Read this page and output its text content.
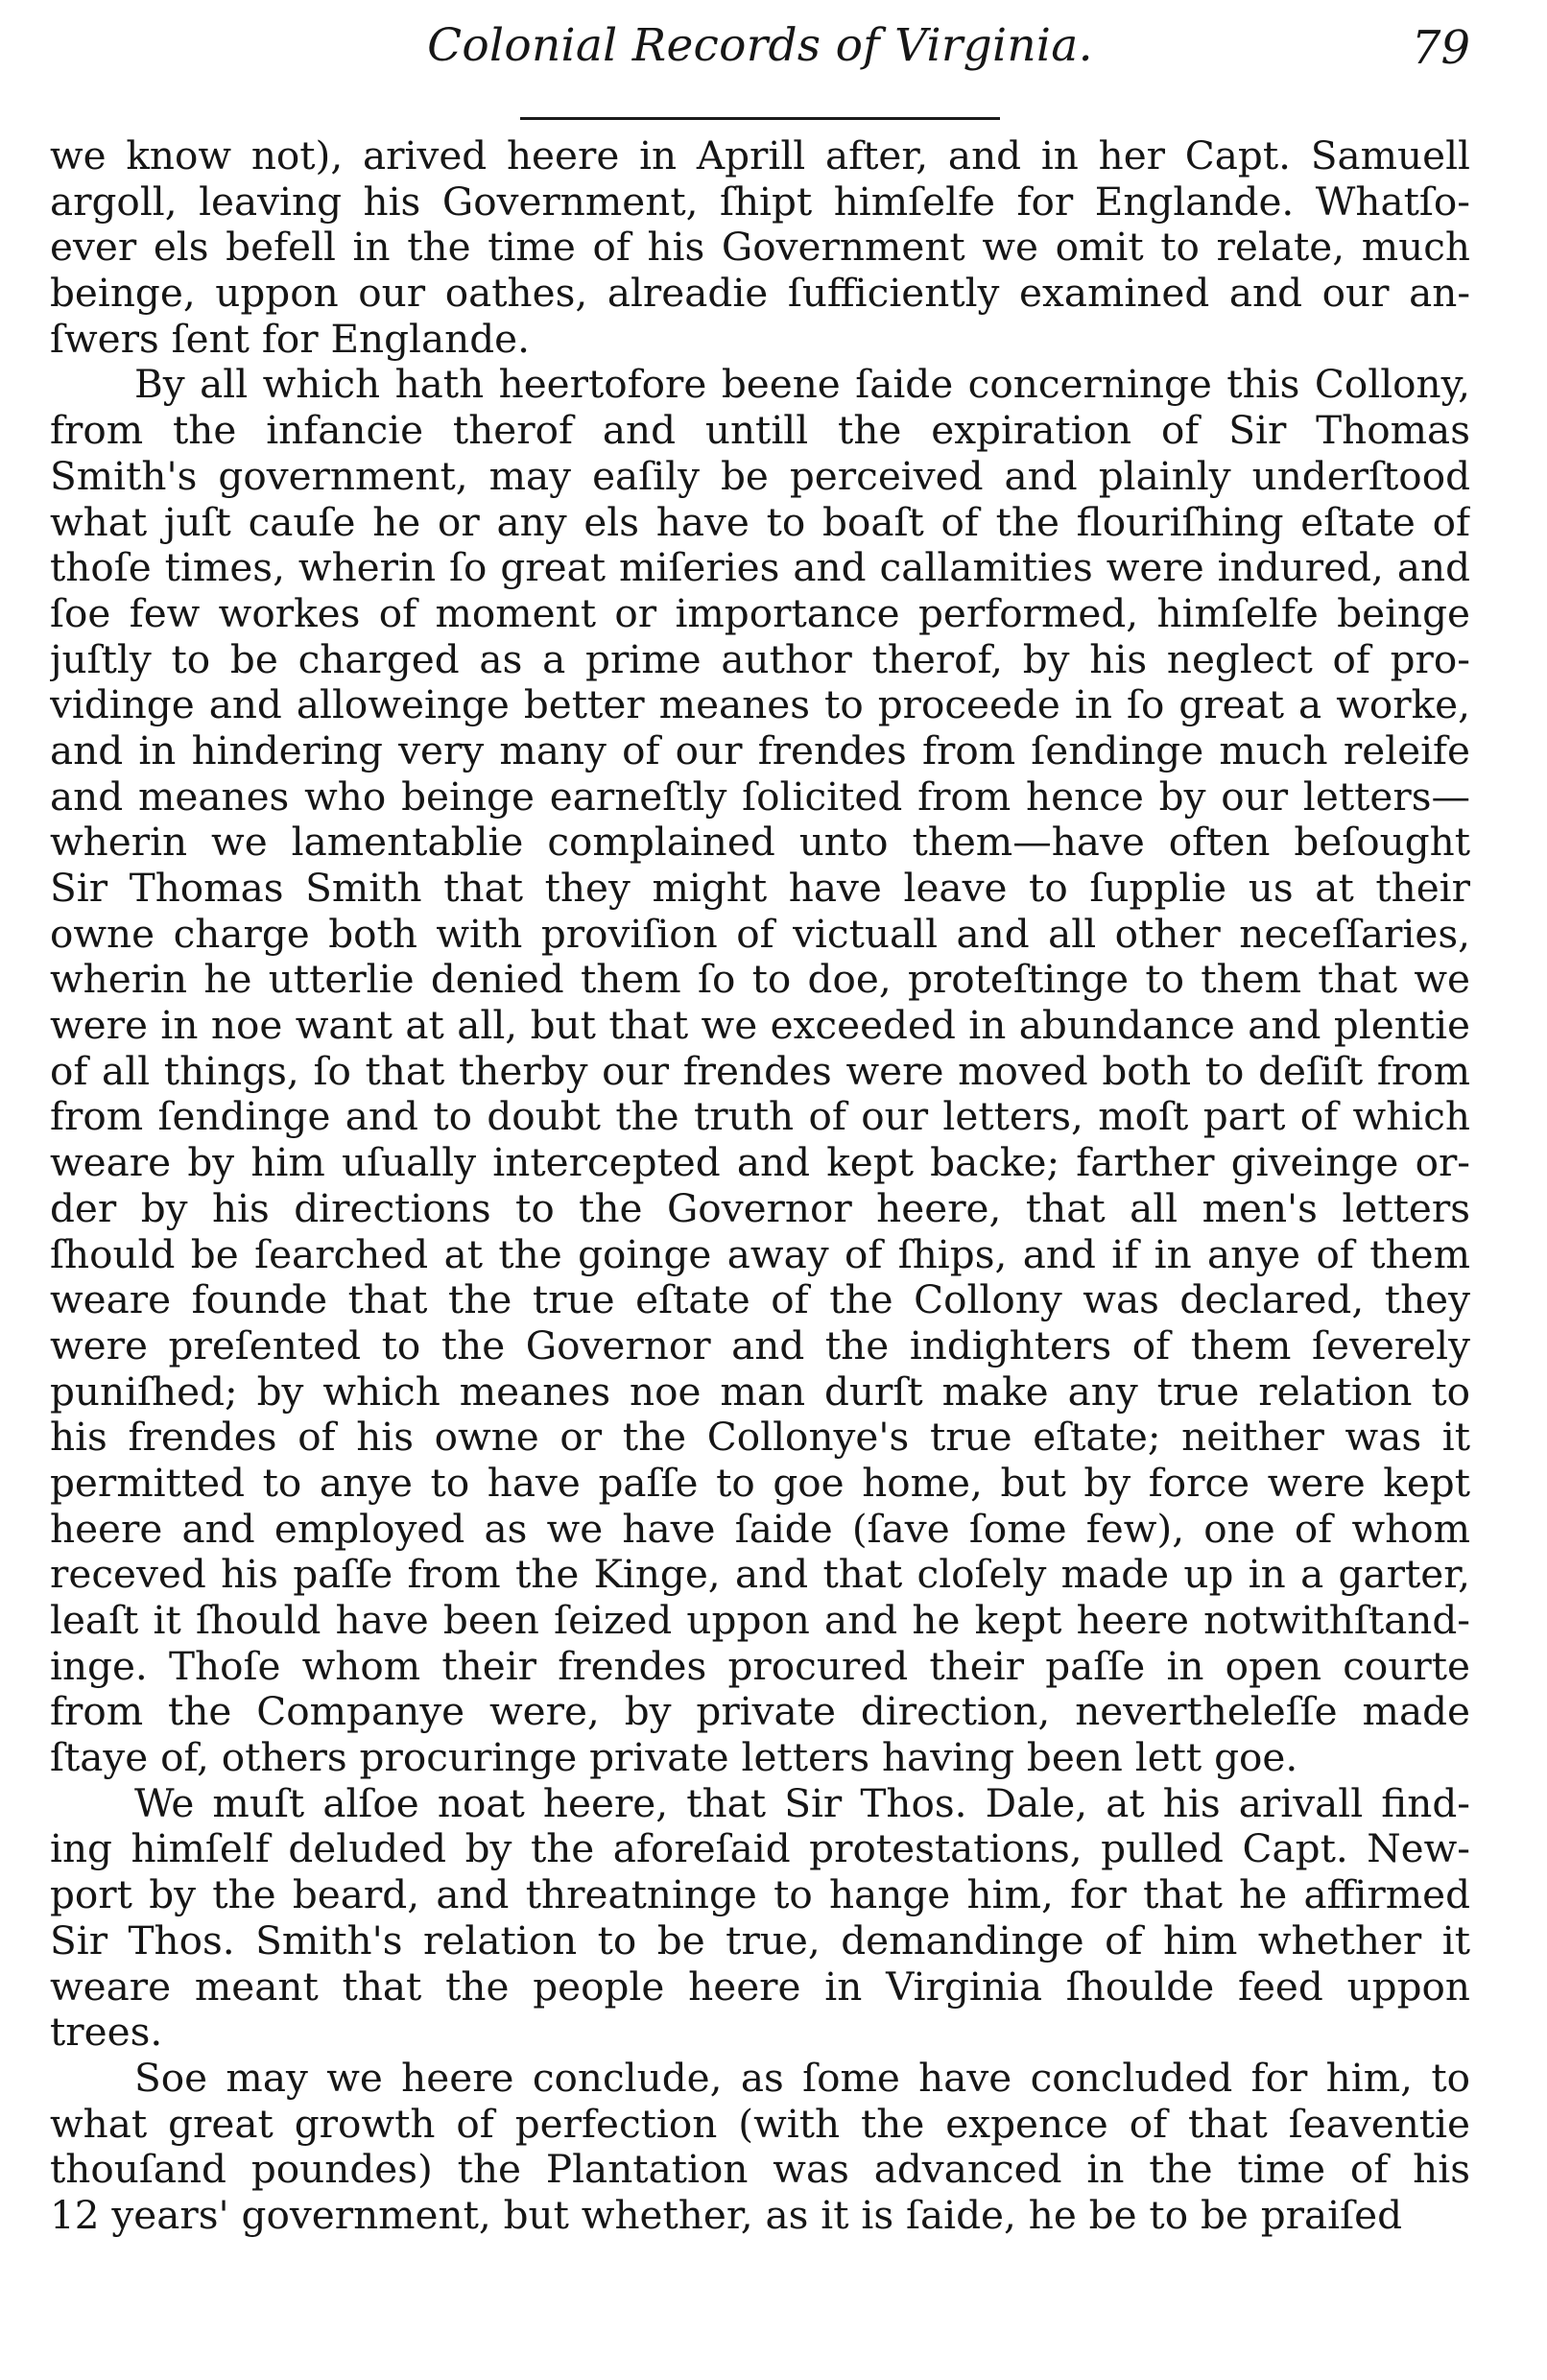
Colonial Records of Virginia.	79
we know not), arived heere in Aprill after, and in her Capt. Samuell
argoll, leaving his Government, ſhipt himſelfe for Englande. Whatſo-
ever els befell in the time of his Government we omit to relate, much
beinge, uppon our oathes, alreadie ſufficiently examined and our an-
ſwers ſent for Englande.
By all which hath heertofore beene ſaide concerninge this Collony,
from the infancie therof and untill the expiration of Sir Thomas
Smith's government, may eaſily be perceived and plainly underſtood
what juſt cauſe he or any els have to boaſt of the flouriſhing eſtate of
thoſe times, wherin ſo great miſeries and callamities were indured, and
ſoe few workes of moment or importance performed, himſelfe beinge
juſtly to be charged as a prime author therof, by his neglect of pro-
vidinge and alloweinge better meanes to proceede in ſo great a worke,
and in hindering very many of our frendes from ſendinge much releife
and meanes who beinge earneſtly ſolicited from hence by our letters—
wherin we lamentablie complained unto them—have often beſought
Sir Thomas Smith that they might have leave to ſupplie us at their
owne charge both with proviſion of victuall and all other neceſſaries,
wherin he utterlie denied them ſo to doe, proteſtinge to them that we
were in noe want at all, but that we exceeded in abundance and plentie
of all things, ſo that therby our frendes were moved both to deſiſt from
from ſendinge and to doubt the truth of our letters, moſt part of which
weare by him uſually intercepted and kept backe; farther giveinge or-
der by his directions to the Governor heere, that all men's letters
ſhould be ſearched at the goinge away of ſhips, and if in anye of them
weare founde that the true eſtate of the Collony was declared, they
were preſented to the Governor and the indighters of them ſeverely
puniſhed; by which meanes noe man durſt make any true relation to
his frendes of his owne or the Collonye's true eſtate; neither was it
permitted to anye to have paſſe to goe home, but by force were kept
heere and employed as we have ſaide (ſave ſome few), one of whom
receved his paſſe from the Kinge, and that cloſely made up in a garter,
leaſt it ſhould have been ſeized uppon and he kept heere notwithſtand-
inge. Thoſe whom their frendes procured their paſſe in open courte
from the Companye were, by private direction, nevertheleſſe made
ſtaye of, others procuringe private letters having been lett goe.
We muſt alſoe noat heere, that Sir Thos. Dale, at his arivall find-
ing himſelf deluded by the aforeſaid protestations, pulled Capt. New-
port by the beard, and threatninge to hange him, for that he affirmed
Sir Thos. Smith's relation to be true, demandinge of him whether it
weare meant that the people heere in Virginia ſhoulde feed uppon
trees.
Soe may we heere conclude, as ſome have concluded for him, to
what great growth of perfection (with the expence of that ſeaventie
thouſand poundes) the Plantation was advanced in the time of his
12 years' government, but whether, as it is ſaide, he be to be praiſed
